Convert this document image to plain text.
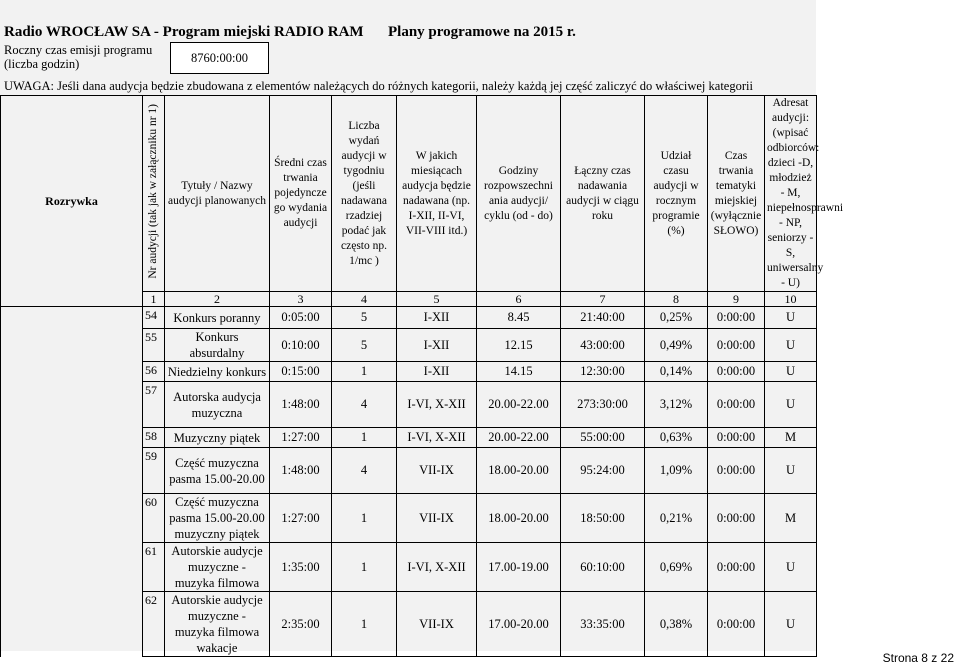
Radio WROCŁAW SA - Program miejski RADIO RAM Plany programowe na 2015 r.
Roczny czas emisji programu (liczba godzin)	8760:00:00
UWAGA: Jeśli dana audycja będzie zbudowana z elementów należących do różnych kategorii, należy każdą jej część zaliczyć do właściwej kategorii
Rozrywka	Nr audycji (tak jak w załączniku nr 1)	Tytuły / Nazwy audycji planowanych	Średni czas trwania pojedyncze go wydania audycji	Liczba wydań audycji w tygodniu (jeśli nadawana rzadziej podać jak często np. 1/mc )	W jakich miesiącach audycja będzie nadawana (np. I-XII, II-VI, VII-VIII itd.)	Godziny rozpowszechni ania audycji/ cyklu (od - do)	Łączny czas nadawania audycji w ciągu roku	Udział czasu audycji w rocznym programie (%)	Czas trwania tematyki miejskiej (wyłącznie SŁOWO)	Adresat audycji: (wpisać odbiorców: dzieci -D, młodzież - M, niepełnosprawni - NP, seniorzy - S, uniwersalny - U)
	1	2	3	4	5	6	7	8	9	10
	54	Konkurs poranny	0:05:00	5	I-XII	8.45	21:40:00	0,25%	0:00:00	U
	55	Konkurs absurdalny	0:10:00	5	I-XII	12.15	43:00:00	0,49%	0:00:00	U
	56	Niedzielny konkurs	0:15:00	1	I-XII	14.15	12:30:00	0,14%	0:00:00	U
	57	Autorska audycja muzyczna	1:48:00	4	I-VI, X-XII	20.00-22.00	273:30:00	3,12%	0:00:00	U
	58	Muzyczny piątek	1:27:00	1	I-VI, X-XII	20.00-22.00	55:00:00	0,63%	0:00:00	M
	59	Część muzyczna pasma 15.00-20.00	1:48:00	4	VII-IX	18.00-20.00	95:24:00	1,09%	0:00:00	U
	60	Część muzyczna pasma 15.00-20.00 muzyczny piątek	1:27:00	1	VII-IX	18.00-20.00	18:50:00	0,21%	0:00:00	M
	61	Autorskie audycje muzyczne - muzyka filmowa	1:35:00	1	I-VI, X-XII	17.00-19.00	60:10:00	0,69%	0:00:00	U
	62	Autorskie audycje muzyczne - muzyka filmowa wakacje	2:35:00	1	VII-IX	17.00-20.00	33:35:00	0,38%	0:00:00	U
Strona 8 z 22
